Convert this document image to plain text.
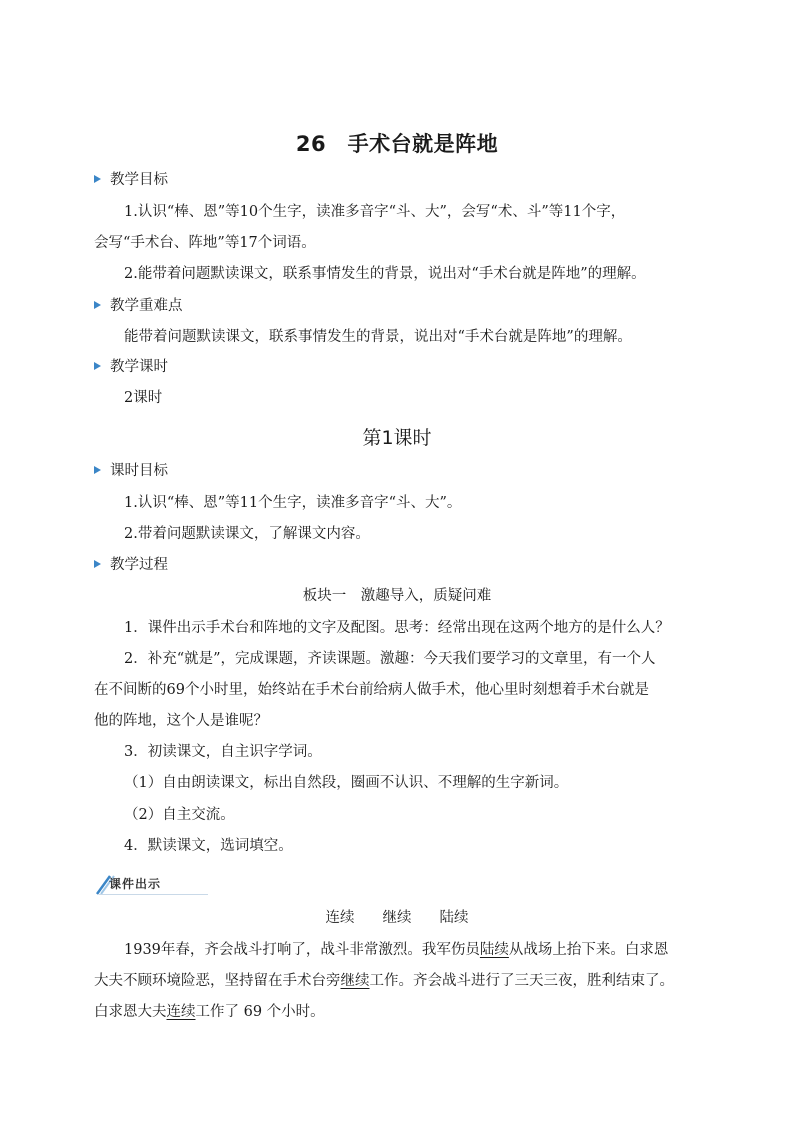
26　手术台就是阵地
教学目标
1.认识“棒、恩”等10个生字，读准多音字“斗、大”，会写“术、斗”等11个字，
会写“手术台、阵地”等17个词语。
2.能带着问题默读课文，联系事情发生的背景，说出对“手术台就是阵地”的理解。
教学重难点
能带着问题默读课文，联系事情发生的背景，说出对“手术台就是阵地”的理解。
教学课时
2课时
第1课时
课时目标
1.认识“棒、恩”等11个生字，读准多音字“斗、大”。
2.带着问题默读课文，了解课文内容。
教学过程
板块一　激趣导入，质疑问难
1．课件出示手术台和阵地的文字及配图。思考：经常出现在这两个地方的是什么人？
2．补充“就是”，完成课题，齐读课题。激趣：今天我们要学习的文章里，有一个人
在不间断的69个小时里，始终站在手术台前给病人做手术，他心里时刻想着手术台就是
他的阵地，这个人是谁呢？
3．初读课文，自主识字学词。
（1）自由朗读课文，标出自然段，圈画不认识、不理解的生字新词。
（2）自主交流。
4．默读课文，选词填空。
课件出示
连续 继续 陆续
1939年春，齐会战斗打响了，战斗非常激烈。我军伤员陆续从战场上抬下来。白求恩
大夫不顾环境险恶，坚持留在手术台旁继续工作。齐会战斗进行了三天三夜，胜利结束了。
白求恩大夫连续工作了 69 个小时。
